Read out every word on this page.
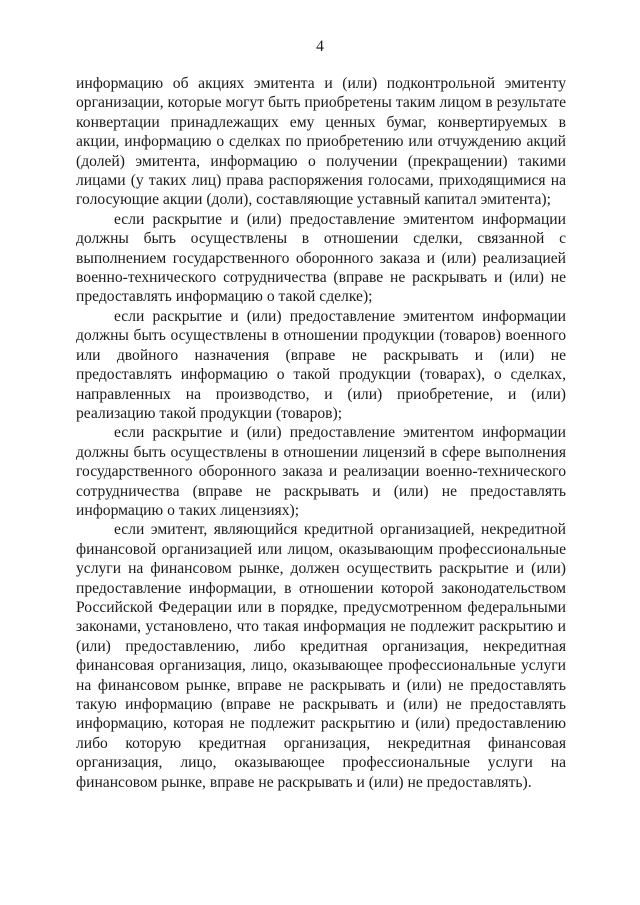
4

информацию об акциях эмитента и (или) подконтрольной эмитенту организации, которые могут быть приобретены таким лицом в результате конвертации принадлежащих ему ценных бумаг, конвертируемых в акции, информацию о сделках по приобретению или отчуждению акций (долей) эмитента, информацию о получении (прекращении) такими лицами (у таких лиц) права распоряжения голосами, приходящимися на голосующие акции (доли), составляющие уставный капитал эмитента);

если раскрытие и (или) предоставление эмитентом информации должны быть осуществлены в отношении сделки, связанной с выполнением государственного оборонного заказа и (или) реализацией военно-технического сотрудничества (вправе не раскрывать и (или) не предоставлять информацию о такой сделке);

если раскрытие и (или) предоставление эмитентом информации должны быть осуществлены в отношении продукции (товаров) военного или двойного назначения (вправе не раскрывать и (или) не предоставлять информацию о такой продукции (товарах), о сделках, направленных на производство, и (или) приобретение, и (или) реализацию такой продукции (товаров);

если раскрытие и (или) предоставление эмитентом информации должны быть осуществлены в отношении лицензий в сфере выполнения государственного оборонного заказа и реализации военно-технического сотрудничества (вправе не раскрывать и (или) не предоставлять информацию о таких лицензиях);

если эмитент, являющийся кредитной организацией, некредитной финансовой организацией или лицом, оказывающим профессиональные услуги на финансовом рынке, должен осуществить раскрытие и (или) предоставление информации, в отношении которой законодательством Российской Федерации или в порядке, предусмотренном федеральными законами, установлено, что такая информация не подлежит раскрытию и (или) предоставлению, либо кредитная организация, некредитная финансовая организация, лицо, оказывающее профессиональные услуги на финансовом рынке, вправе не раскрывать и (или) не предоставлять такую информацию (вправе не раскрывать и (или) не предоставлять информацию, которая не подлежит раскрытию и (или) предоставлению либо которую кредитная организация, некредитная финансовая организация, лицо, оказывающее профессиональные услуги на финансовом рынке, вправе не раскрывать и (или) не предоставлять).
